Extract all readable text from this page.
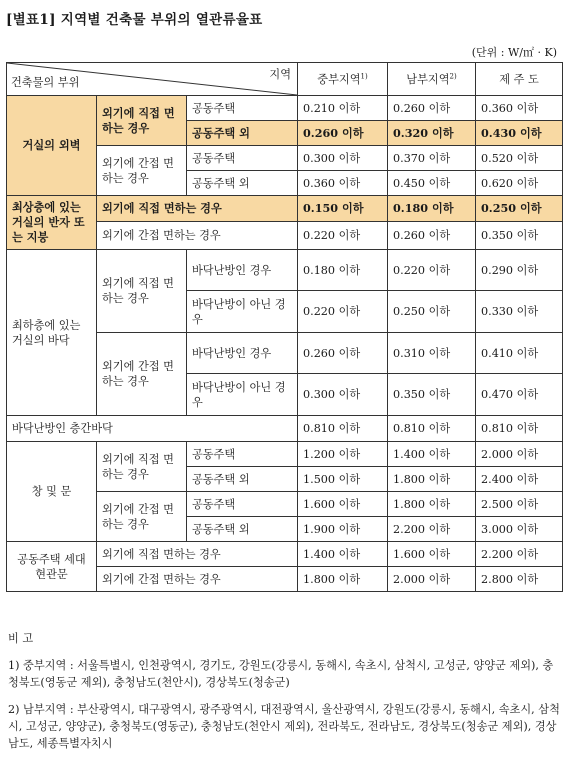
[별표1] 지역별 건축물 부위의 열관류율표
(단위 : W/㎡ · K)
지역
건축물의 부위			중부지역$^{1)}$	남부지역$^{2)}$	제 주 도
거실의 외벽	외기에 직접 면하는 경우	공동주택	0.210 이하	0.260 이하	0.360 이하
		공동주택 외	0.260 이하	0.320 이하	0.430 이하
	외기에 간접 면하는 경우	공동주택	0.300 이하	0.370 이하	0.520 이하
		공동주택 외	0.360 이하	0.450 이하	0.620 이하
최상층에 있는 거실의 반자 또는 지붕	외기에 직접 면하는 경우		0.150 이하	0.180 이하	0.250 이하
	외기에 간접 면하는 경우		0.220 이하	0.260 이하	0.350 이하
최하층에 있는 거실의 바닥	외기에 직접 면하는 경우	바닥난방인 경우	0.180 이하	0.220 이하	0.290 이하
		바닥난방이 아닌 경우	0.220 이하	0.250 이하	0.330 이하
	외기에 간접 면하는 경우	바닥난방인 경우	0.260 이하	0.310 이하	0.410 이하
		바닥난방이 아닌 경우	0.300 이하	0.350 이하	0.470 이하
바닥난방인 층간바닥			0.810 이하	0.810 이하	0.810 이하
창 및 문	외기에 직접 면하는 경우	공동주택	1.200 이하	1.400 이하	2.000 이하
		공동주택 외	1.500 이하	1.800 이하	2.400 이하
	외기에 간접 면하는 경우	공동주택	1.600 이하	1.800 이하	2.500 이하
		공동주택 외	1.900 이하	2.200 이하	3.000 이하
공동주택 세대현관문	외기에 직접 면하는 경우		1.400 이하	1.600 이하	2.200 이하
	외기에 간접 면하는 경우		1.800 이하	2.000 이하	2.800 이하
비 고
1) 중부지역 : 서울특별시, 인천광역시, 경기도, 강원도(강릉시, 동해시, 속초시, 삼척시, 고성군, 양양군 제외), 충청북도(영동군 제외), 충청남도(천안시), 경상북도(청송군)
2) 남부지역 : 부산광역시, 대구광역시, 광주광역시, 대전광역시, 울산광역시, 강원도(강릉시, 동해시, 속초시, 삼척시, 고성군, 양양군), 충청북도(영동군), 충청남도(천안시 제외), 전라북도, 전라남도, 경상북도(청송군 제외), 경상남도, 세종특별자치시
